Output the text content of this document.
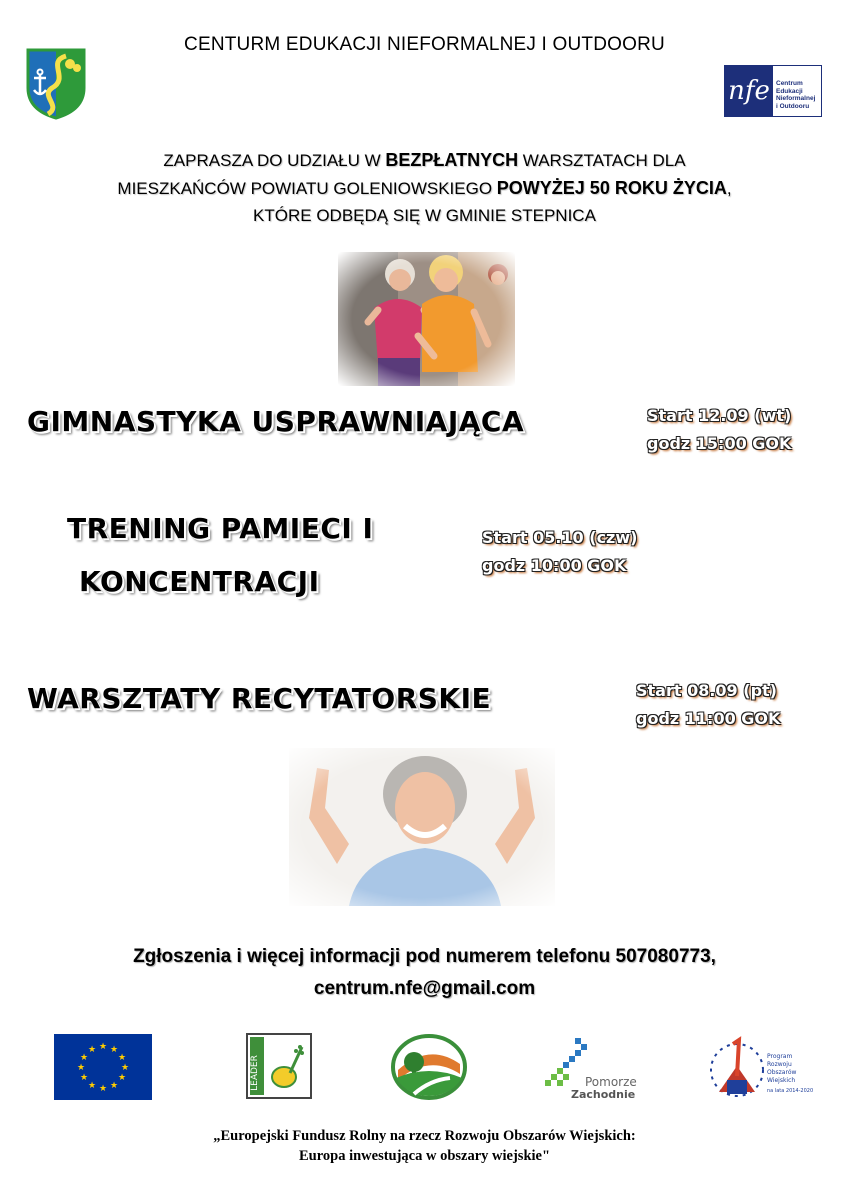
CENTURM EDUKACJI NIEFORMALNEJ I OUTDOORU
nfe Centrum
Edukacji
Nieformalnej
i Outdooru
ZAPRASZA DO UDZIAŁU W BEZPŁATNYCH WARSZTATACH DLA
MIESZKAŃCÓW POWIATU GOLENIOWSKIEGO POWYŻEJ 50 ROKU ŻYCIA,
KTÓRE ODBĘDĄ SIĘ W GMINIE STEPNICA
GIMNASTYKA USPRAWNIAJĄCA	Start 12.09 (wt)
godz 15:00 GOK
TRENING PAMIECI I
KONCENTRACJI
Start 05.10 (czw)
godz 10:00 GOK
WARSZTATY RECYTATORSKIE	Start 08.09 (pt)
godz 11:00 GOK
Zgłoszenia i więcej informacji pod numerem telefonu 507080773,
centrum.nfe@gmail.com
★ ★
★
★
★
★
★
★
★
★
★
★
LEADER	Pomorze
Zachodnie
Program
Rozwoju
Obszarów
Wiejskich
na lata 2014-2020
„Europejski Fundusz Rolny na rzecz Rozwoju Obszarów Wiejskich:
Europa inwestująca w obszary wiejskie"
